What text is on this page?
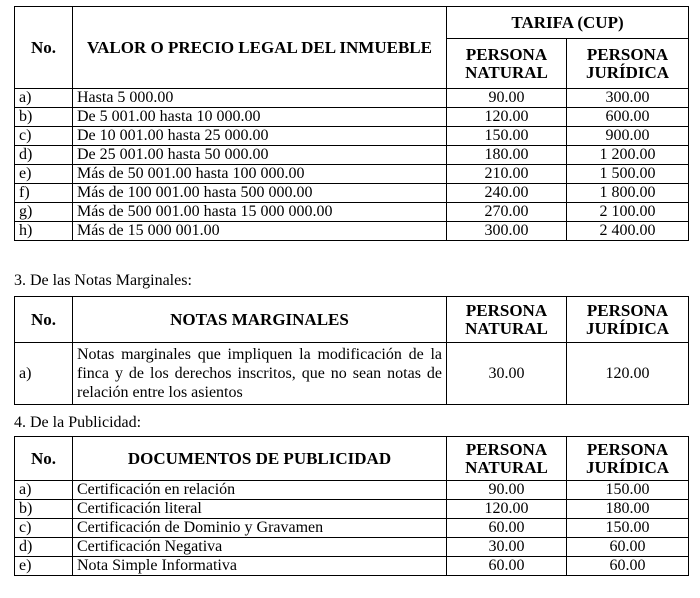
No.	VALOR O PRECIO LEGAL DEL INMUEBLE	TARIFA (CUP)	
		PERSONA NATURAL	PERSONA JURÍDICA
a)	Hasta 5 000.00	90.00	300.00
b)	De 5 001.00 hasta 10 000.00	120.00	600.00
c)	De 10 001.00 hasta 25 000.00	150.00	900.00
d)	De 25 001.00 hasta 50 000.00	180.00	1 200.00
e)	Más de 50 001.00 hasta 100 000.00	210.00	1 500.00
f)	Más de 100 001.00 hasta 500 000.00	240.00	1 800.00
g)	Más de 500 001.00 hasta 15 000 000.00	270.00	2 100.00
h)	Más de 15 000 001.00	300.00	2 400.00
3. De las Notas Marginales:
No.	NOTAS MARGINALES	PERSONA NATURAL	PERSONA JURÍDICA
a)	Notas marginales que impliquen la modificación de la finca y de los derechos inscritos, que no sean notas de relación entre los asientos	30.00	120.00
4. De la Publicidad:
No.	DOCUMENTOS DE PUBLICIDAD	PERSONA NATURAL	PERSONA JURÍDICA
a)	Certificación en relación	90.00	150.00
b)	Certificación literal	120.00	180.00
c)	Certificación de Dominio y Gravamen	60.00	150.00
d)	Certificación Negativa	30.00	60.00
e)	Nota Simple Informativa	60.00	60.00
